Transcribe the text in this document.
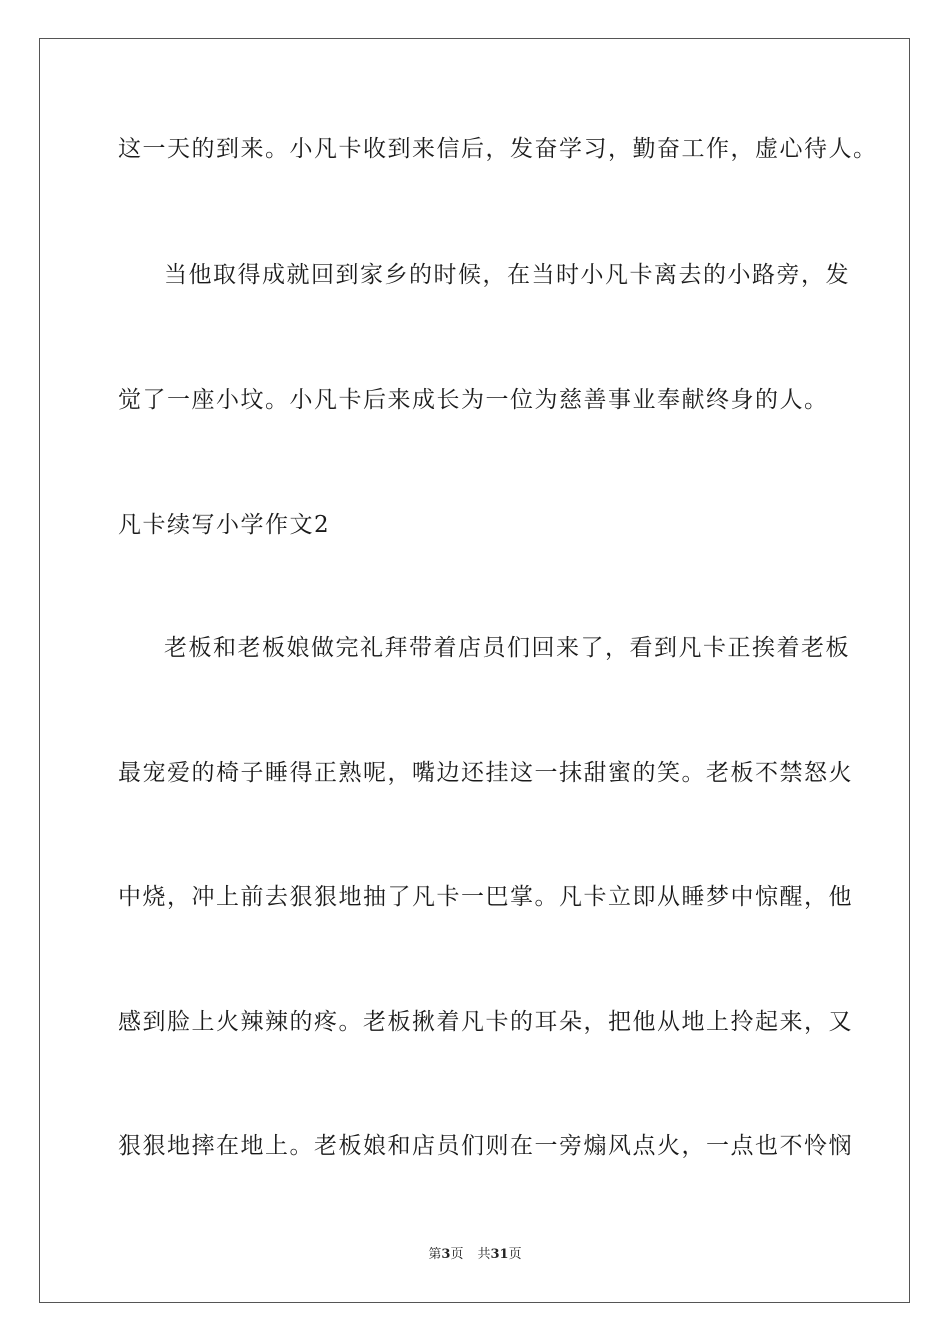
这一天的到来。小凡卡收到来信后，发奋学习，勤奋工作，虚心待人。
当他取得成就回到家乡的时候，在当时小凡卡离去的小路旁，发
觉了一座小坟。小凡卡后来成长为一位为慈善事业奉献终身的人。
凡卡续写小学作文2
老板和老板娘做完礼拜带着店员们回来了，看到凡卡正挨着老板
最宠爱的椅子睡得正熟呢，嘴边还挂这一抹甜蜜的笑。老板不禁怒火
中烧，冲上前去狠狠地抽了凡卡一巴掌。凡卡立即从睡梦中惊醒，他
感到脸上火辣辣的疼。老板揪着凡卡的耳朵，把他从地上拎起来，又
狠狠地摔在地上。老板娘和店员们则在一旁煽风点火，一点也不怜悯
第3页 共31页
